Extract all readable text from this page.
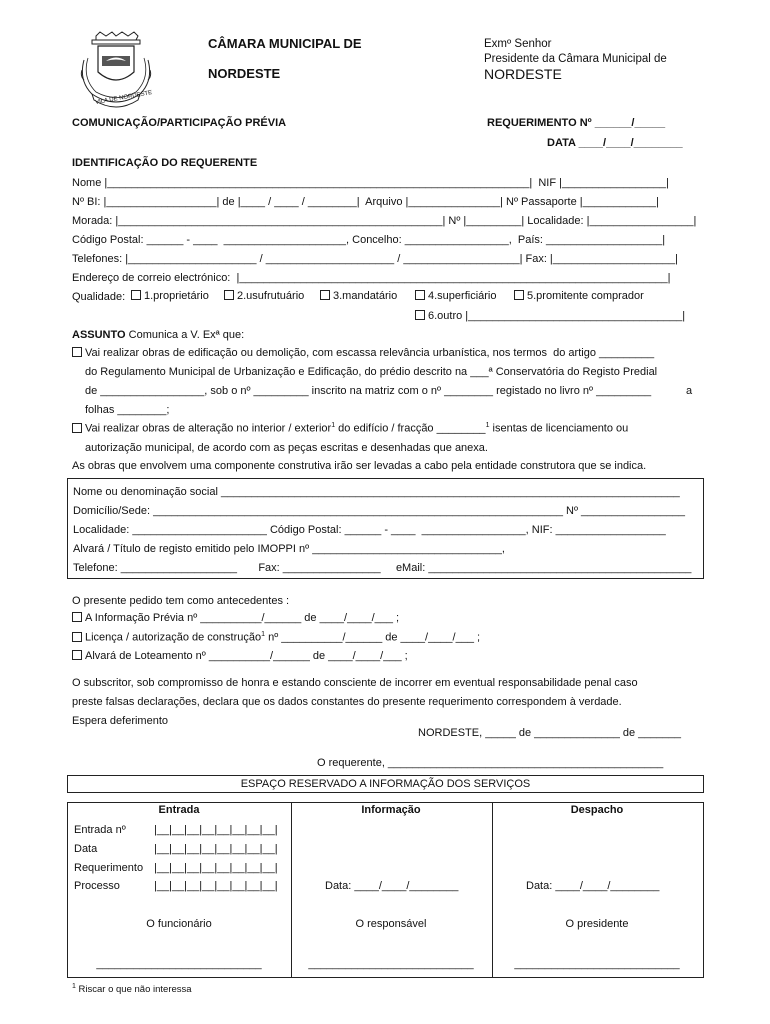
VILA DE NORDESTE
CÂMARA MUNICIPAL DE
NORDESTE
Exmº Senhor
Presidente da Câmara Municipal de
NORDESTE
COMUNICAÇÃO/PARTICIPAÇÃO PRÉVIA	REQUERIMENTO Nº ______/_____
DATA ____/____/________
IDENTIFICAÇÃO DO REQUERENTE
Nome |_____________________________________________________________________|  NIF |_________________|
Nº BI: |__________________| de |____ / ____ / ________|  Arquivo |_______________| Nº Passaporte |____________|
Morada: |_____________________________________________________| Nº |_________| Localidade: |_________________|
Código Postal: ______ - ____  ____________________, Concelho: _________________,  País: ___________________|
Telefones: |_____________________ / _____________________ / ___________________| Fax: |____________________|
Endereço de correio electrónico:  |______________________________________________________________________|
Qualidade:	1.proprietário	2.usufrutuário	3.mandatário	4.superficiário	5.promitente comprador
6.outro |___________________________________|
ASSUNTO Comunica a V. Exª que:
Vai realizar obras de edificação ou demolição, com escassa relevância urbanística, nos termos  do artigo _________
do Regulamento Municipal de Urbanização e Edificação, do prédio descrito na ___ª Conservatória do Registo Predial
de _________________, sob o nº _________ inscrito na matriz com o nº ________ registado no livro nº _________	a
folhas ________;
Vai realizar obras de alteração no interior / exterior$^1$ do edifício / fracção ________$^1$ isentas de licenciamento ou
autorização municipal, de acordo com as peças escritas e desenhadas que anexa.
As obras que envolvem uma componente construtiva irão ser levadas a cabo pela entidade construtora que se indica.
Nome ou denominação social ___________________________________________________________________________
Domicílio/Sede: ___________________________________________________________________ Nº _________________
Localidade: ______________________ Código Postal: ______ - ____  _________________, NIF: __________________
Alvará / Título de registo emitido pelo IMOPPI nº _______________________________,
Telefone: ___________________       Fax: ________________     eMail: ___________________________________________
O presente pedido tem como antecedentes :
A Informação Prévia nº __________/______ de ____/____/___ ;
Licença / autorização de construção$^1$ nº __________/______ de ____/____/___ ;
Alvará de Loteamento nº __________/______ de ____/____/___ ;
O subscritor, sob compromisso de honra e estando consciente de incorrer em eventual responsabilidade penal caso
preste falsas declarações, declara que os dados constantes do presente requerimento correspondem à verdade.
Espera deferimento
NORDESTE, _____ de ______________ de _______
O requerente, _____________________________________________
ESPAÇO RESERVADO A INFORMAÇÃO DOS SERVIÇOS
Entrada	Informação	Despacho
Entrada nº	|__|__|__|__|__|__|__|__|
Data	|__|__|__|__|__|__|__|__|
Requerimento |__|__|__|__|__|__|__|__|
Processo	|__|__|__|__|__|__|__|__|	Data: ____/____/________	Data: ____/____/________
O funcionário	O responsável	O presidente
___________________________	___________________________	___________________________
$^1$ Riscar o que não interessa
